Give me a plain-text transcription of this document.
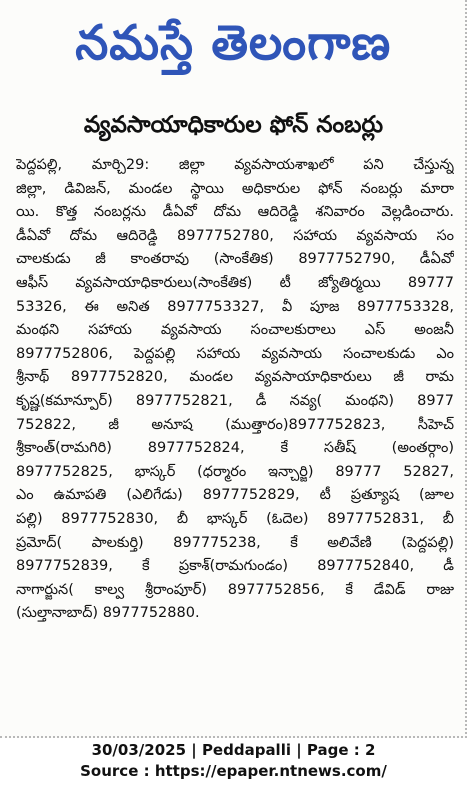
నమస్తే తెలంగాణ
వ్యవసాయాధికారుల ఫోన్ నంబర్లు
పెద్దపల్లి, మార్చి29: జిల్లా వ్యవసాయశాఖలో పని చేస్తున్న
జిల్లా, డివిజన్, మండల స్థాయి అధికారుల ఫోన్ నంబర్లు మారా
యి. కొత్త నంబర్లను డీఏవో దోమ ఆదిరెడ్డి శనివారం వెల్లడించారు.
డీఏవో దోమ ఆదిరెడ్డి 8977752780, సహాయ వ్యవసాయ సం
చాలకుడు జీ కాంతరావు (సాంకేతిక) 8977752790, డీఏవో
ఆఫీస్ వ్యవసాయాధికారులు(సాంకేతిక) టీ జ్యోతిర్మయి 89777
53326, ఈ అనిత 8977753327, వీ పూజ 8977753328,
మంథని సహాయ వ్యవసాయ సంచాలకురాలు ఎస్ అంజనీ
8977752806, పెద్దపల్లి సహాయ వ్యవసాయ సంచాలకుడు ఎం
శ్రీనాథ్ 8977752820, మండల వ్యవసాయాధికారులు జీ రామ
కృష్ణ(కమాన్పూర్) 8977752821, డీ నవ్య( మంథని) 8977
752822, జీ అనూష (ముత్తారం)8977752823, సీహెచ్
శ్రీకాంత్(రామగిరి) 8977752824, కే సతీష్ (అంతర్గాం)
8977752825, భాస్కర్ (ధర్మారం ఇన్చార్జి) 89777 52827,
ఎం ఉమాపతి (ఎలిగేడు) 8977752829, టీ ప్రత్యూష (జూల
పల్లి) 8977752830, బీ భాస్కర్ (ఓదెల) 8977752831, బీ
ప్రమోద్( పాలకుర్తి) 897775238, కే అలివేణి (పెద్దపల్లి)
8977752839, కే ప్రకాశ్(రామగుండం) 8977752840, డీ
నాగార్జున( కాల్వ శ్రీరాంపూర్) 8977752856, కే డేవిడ్ రాజు
(సుల్తానాబాద్) 8977752880.
30/03/2025 | Peddapalli | Page : 2
Source : https://epaper.ntnews.com/
